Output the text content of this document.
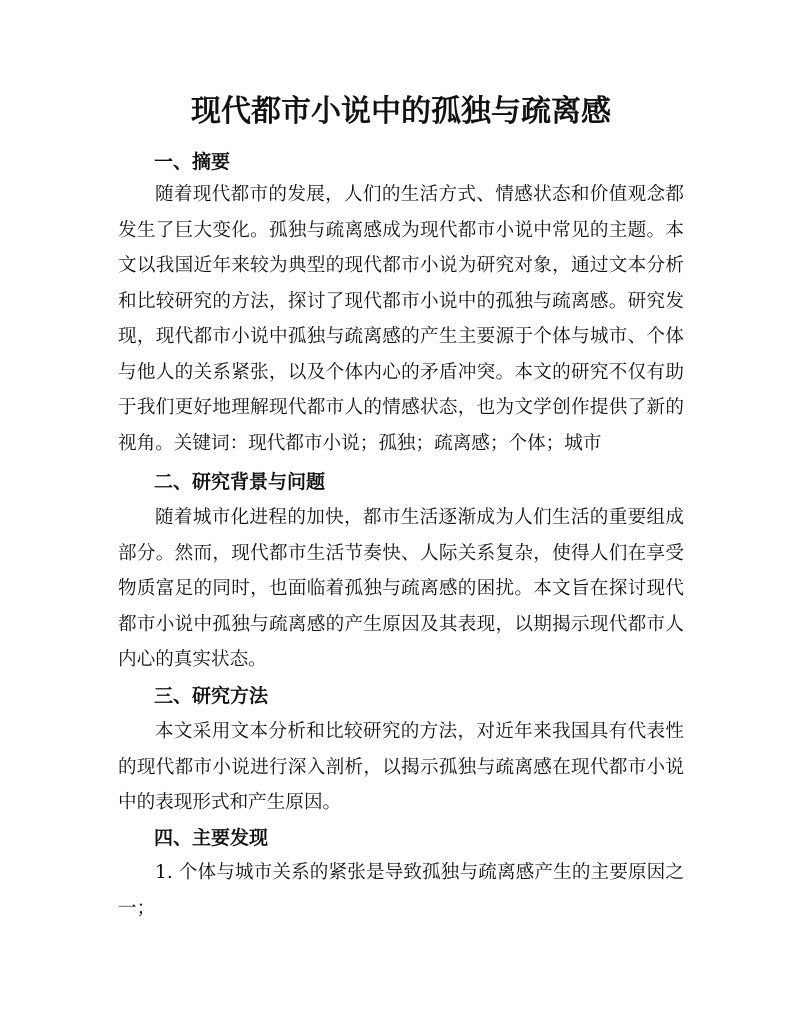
现代都市小说中的孤独与疏离感
一、摘要

随着现代都市的发展，人们的生活方式、情感状态和价值观念都发生了巨大变化。孤独与疏离感成为现代都市小说中常见的主题。本文以我国近年来较为典型的现代都市小说为研究对象，通过文本分析和比较研究的方法，探讨了现代都市小说中的孤独与疏离感。研究发现，现代都市小说中孤独与疏离感的产生主要源于个体与城市、个体与他人的关系紧张，以及个体内心的矛盾冲突。本文的研究不仅有助于我们更好地理解现代都市人的情感状态，也为文学创作提供了新的视角。关键词：现代都市小说；孤独；疏离感；个体；城市

二、研究背景与问题

随着城市化进程的加快，都市生活逐渐成为人们生活的重要组成部分。然而，现代都市生活节奏快、人际关系复杂，使得人们在享受物质富足的同时，也面临着孤独与疏离感的困扰。本文旨在探讨现代都市小说中孤独与疏离感的产生原因及其表现，以期揭示现代都市人内心的真实状态。

三、研究方法

本文采用文本分析和比较研究的方法，对近年来我国具有代表性的现代都市小说进行深入剖析，以揭示孤独与疏离感在现代都市小说中的表现形式和产生原因。

四、主要发现

1. 个体与城市关系的紧张是导致孤独与疏离感产生的主要原因之一；
